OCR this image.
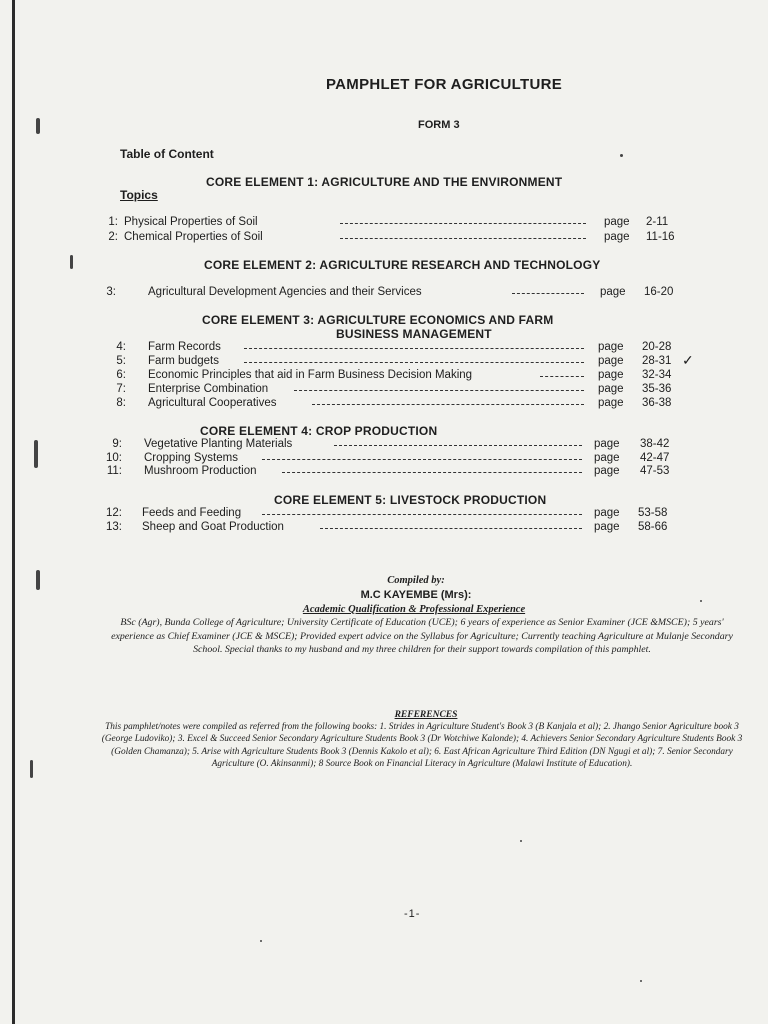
PAMPHLET FOR AGRICULTURE
FORM 3
Table of Content
Topics
CORE ELEMENT 1: AGRICULTURE AND THE ENVIRONMENT
1: Physical Properties of Soil	page 2-11
2: Chemical Properties of Soil	page 11-16
CORE ELEMENT 2: AGRICULTURE RESEARCH AND TECHNOLOGY
3:	Agricultural Development Agencies and their Services	page 16-20
CORE ELEMENT 3: AGRICULTURE ECONOMICS AND FARM
BUSINESS MANAGEMENT
4: Farm Records	page 20-28
5: Farm budgets	page 28-31 ✓
6: Economic Principles that aid in Farm Business Decision Making	page 32-34
7: Enterprise Combination	page 35-36
8: Agricultural Cooperatives	page 36-38
CORE ELEMENT 4: CROP PRODUCTION
9: Vegetative Planting Materials	page 38-42
10: Cropping Systems	page 42-47
11: Mushroom Production	page 47-53
CORE ELEMENT 5: LIVESTOCK PRODUCTION
12: Feeds and Feeding	page 53-58
13: Sheep and Goat Production	page 58-66
Compiled by:
M.C KAYEMBE (Mrs):
Academic Qualification & Professional Experience
BSc (Agr), Bunda College of Agriculture; University Certificate of Education (UCE); 6 years of experience as Senior Examiner (JCE &MSCE); 5 years' experience as Chief Examiner (JCE & MSCE); Provided expert advice on the Syllabus for Agriculture; Currently teaching Agriculture at Mulanje Secondary School. Special thanks to my husband and my three children for their support towards compilation of this pamphlet.
REFERENCES
This pamphlet/notes were compiled as referred from the following books: 1. Strides in Agriculture Student's Book 3 (B Kanjala et al); 2. Jhango Senior Agriculture book 3 (George Ludoviko); 3. Excel & Succeed Senior Secondary Agriculture Students Book 3 (Dr Wotchiwe Kalonde); 4. Achievers Senior Secondary Agriculture Students Book 3 (Golden Chamanza); 5. Arise with Agriculture Students Book 3 (Dennis Kakolo et al); 6. East African Agriculture Third Edition (DN Ngugi et al); 7. Senior Secondary Agriculture (O. Akinsanmi); 8 Source Book on Financial Literacy in Agriculture (Malawi Institute of Education).
-1-
